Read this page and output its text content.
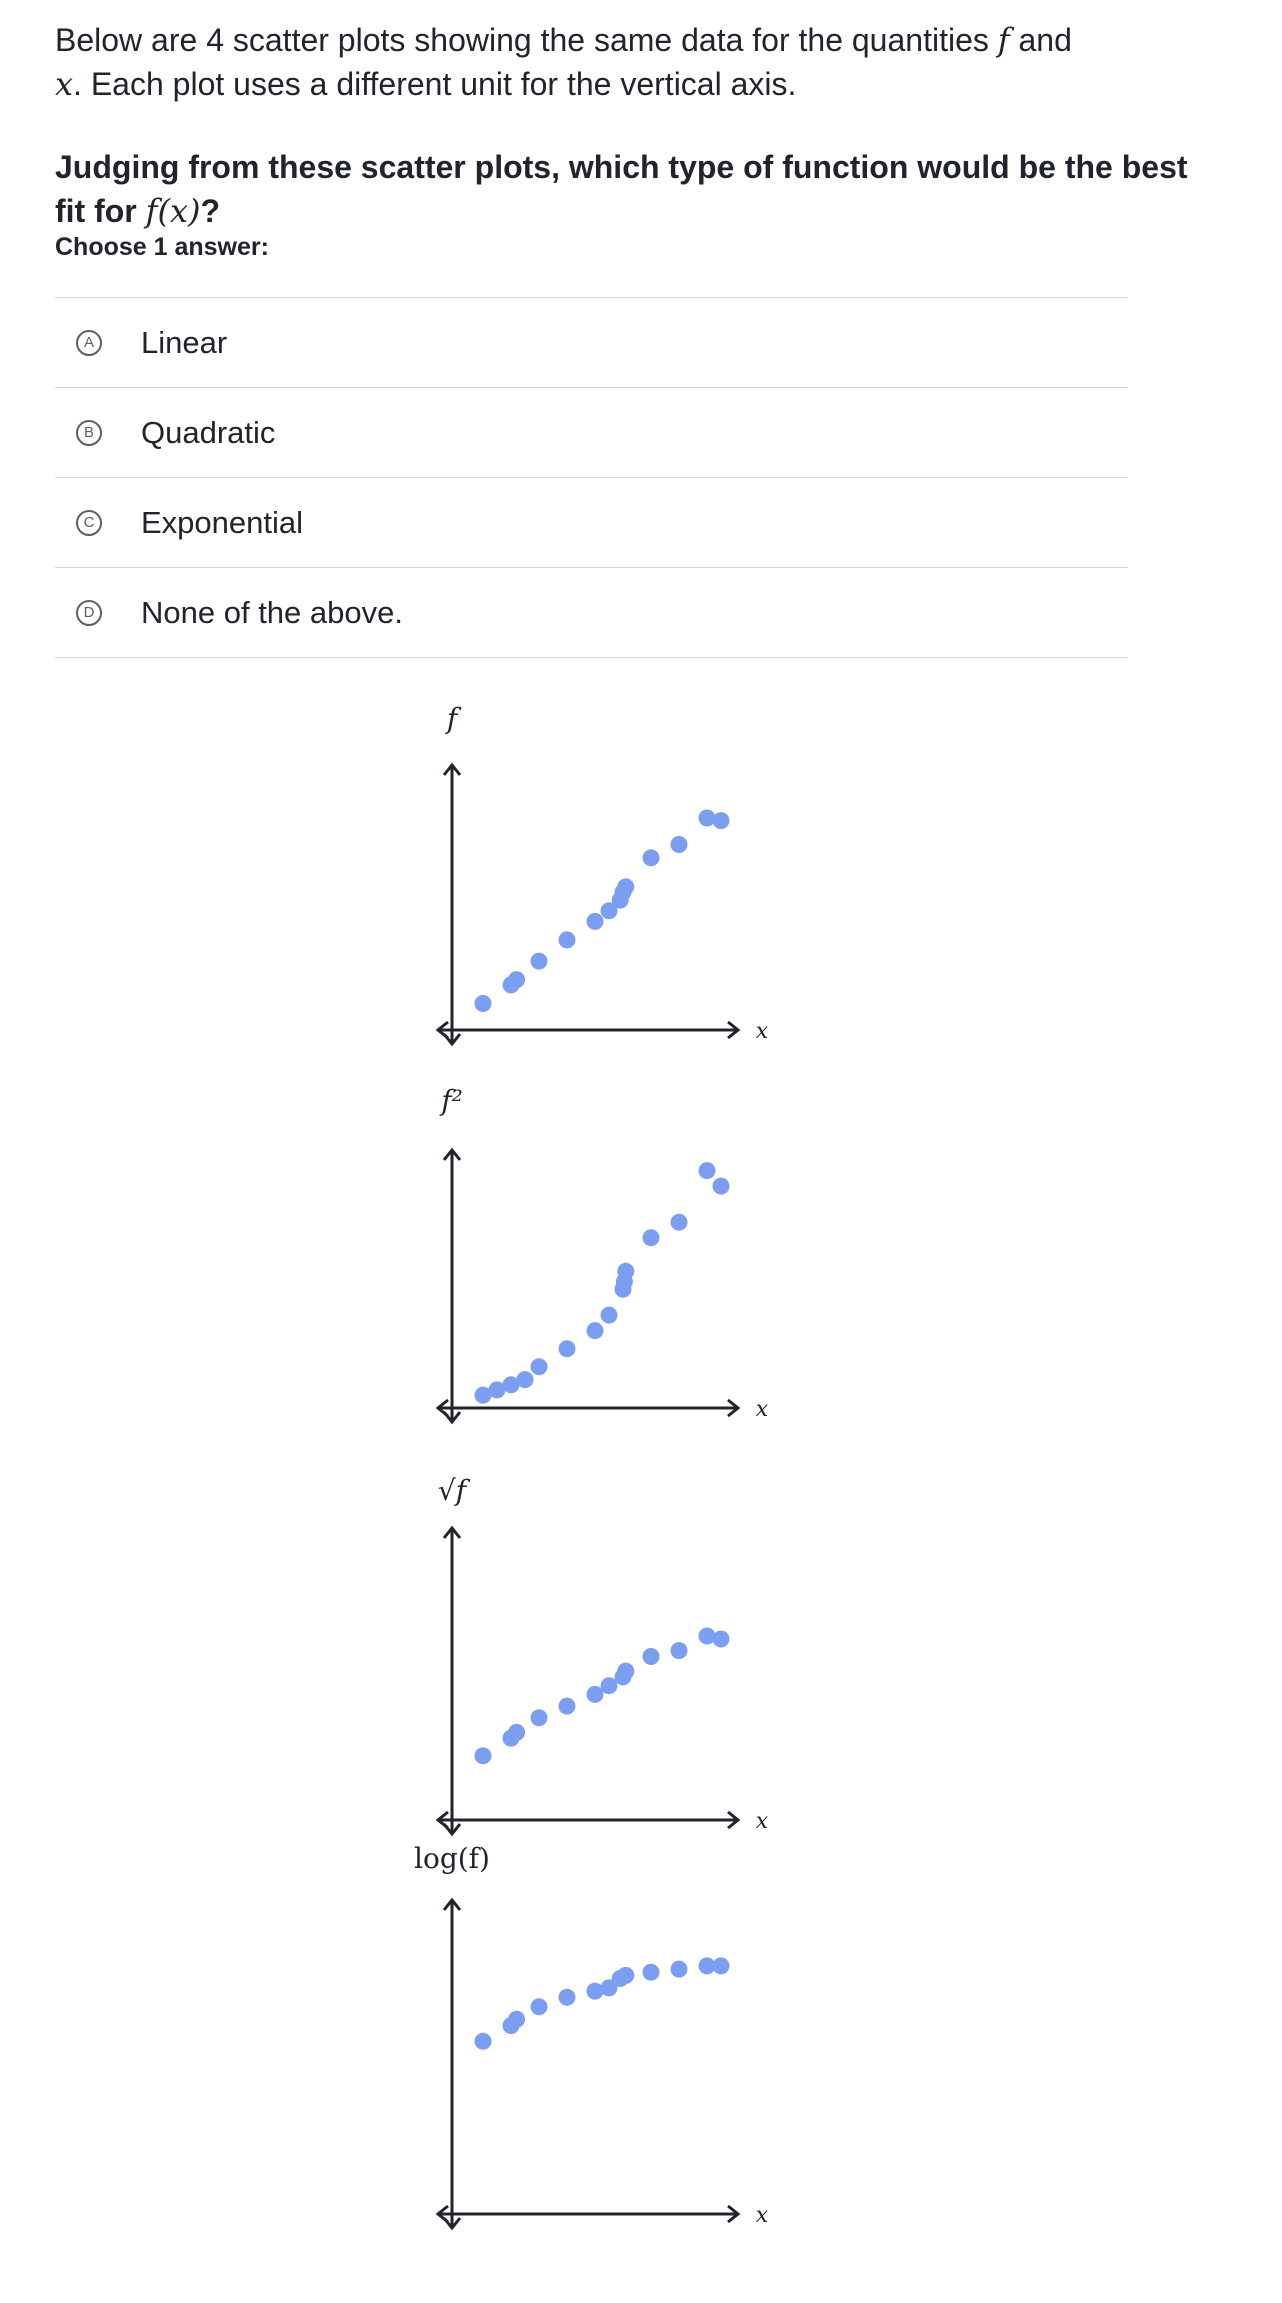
Below are 4 scatter plots showing the same data for the quantities f and
x. Each plot uses a different unit for the vertical axis.
Judging from these scatter plots, which type of function would be the best fit for f(x)?
Choose 1 answer:
A Linear
B Quadratic
C Exponential
D None of the above.
f
x
f²
x
√f
x
log(f)
x
